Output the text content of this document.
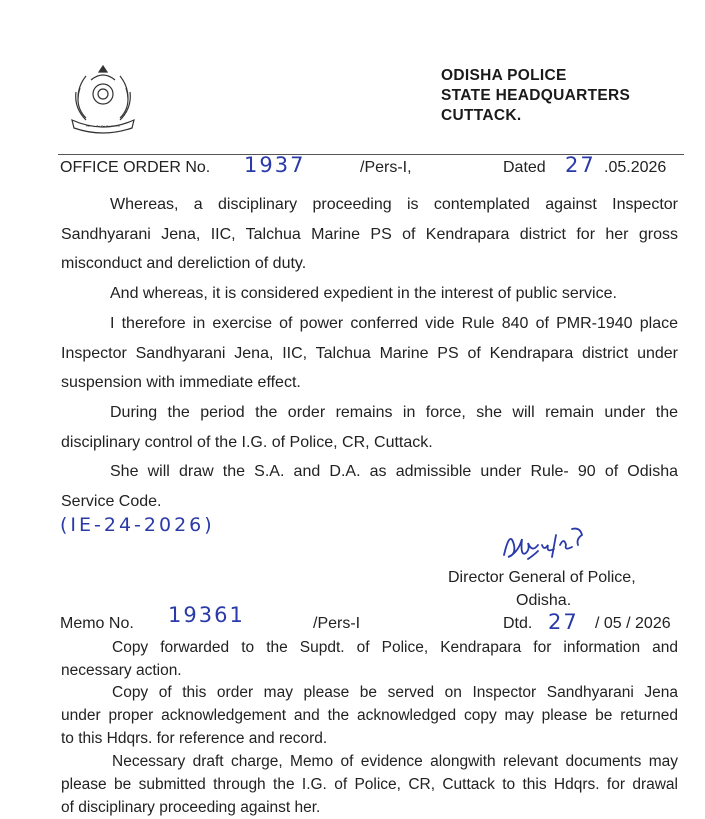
~~~~~~~
ODISHA POLICE
STATE HEADQUARTERS
CUTTACK.
OFFICE ORDER No. 1937	/Pers-I,	Dated 27 .05.2026
Whereas, a disciplinary proceeding is contemplated against Inspector
Sandhyarani Jena, IIC, Talchua Marine PS of Kendrapara district for her gross
misconduct and dereliction of duty.
And whereas, it is considered expedient in the interest of public service.
I therefore in exercise of power conferred vide Rule 840 of PMR-1940 place
Inspector Sandhyarani Jena, IIC, Talchua Marine PS of Kendrapara district under
suspension with immediate effect.
During the period the order remains in force, she will remain under the
disciplinary control of the I.G. of Police, CR, Cuttack.
She will draw the S.A. and D.A. as admissible under Rule- 90 of Odisha
Service Code.
(IE-24-2026)
Director General of Police,
Odisha.
Memo No. 19361	/Pers-I	Dtd. 27 / 05 / 2026
Copy forwarded to the Supdt. of Police, Kendrapara for information and
necessary action.
Copy of this order may please be served on Inspector Sandhyarani Jena
under proper acknowledgement and the acknowledged copy may please be returned
to this Hdqrs. for reference and record.
Necessary draft charge, Memo of evidence alongwith relevant documents may
please be submitted through the I.G. of Police, CR, Cuttack to this Hdqrs. for drawal
of disciplinary proceeding against her.
